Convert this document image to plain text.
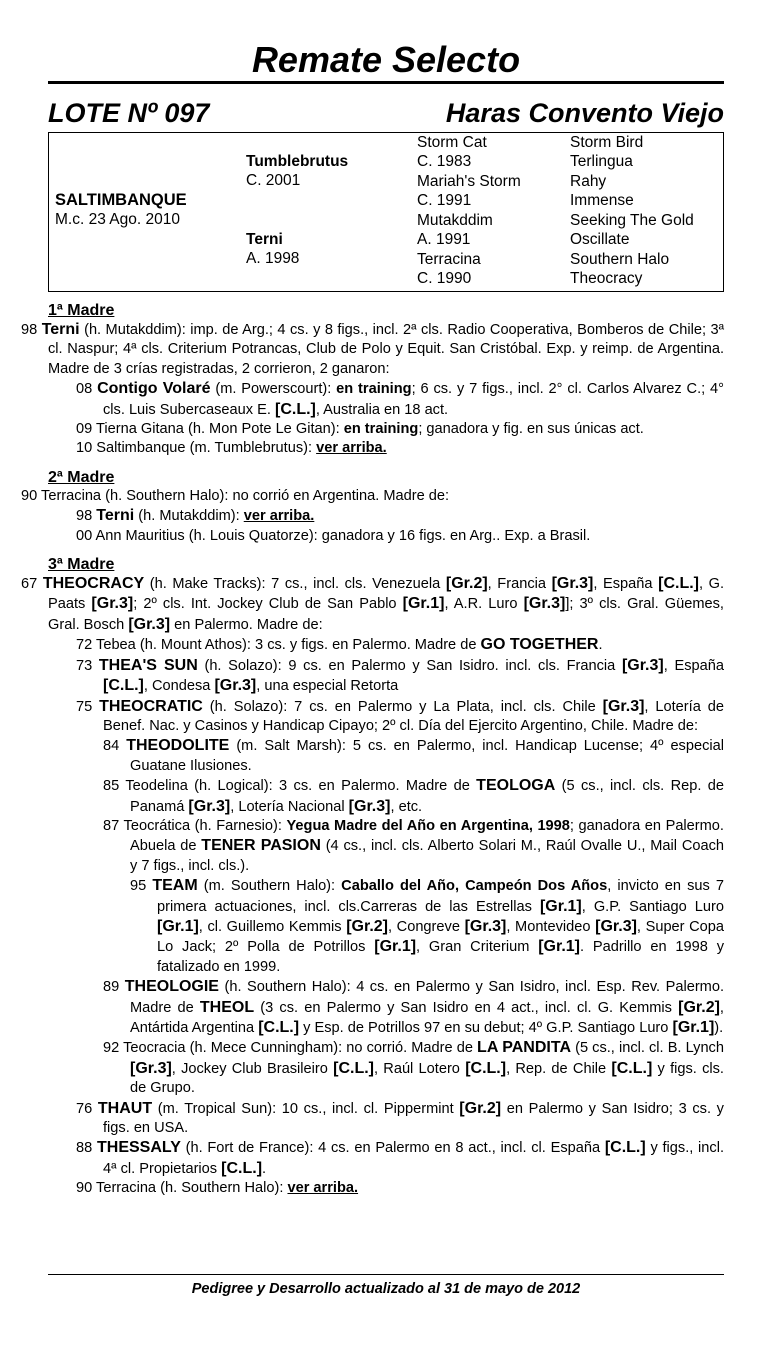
Remate Selecto
LOTE Nº 097	Haras Convento Viejo
SALTIMBANQUE
M.c. 23 Ago. 2010
Tumblebrutus
C. 2001
Terni
A. 1998
Storm Cat
C. 1983
Mariah's Storm
C. 1991
Mutakddim
A. 1991
Terracina
C. 1990
Storm Bird
Terlingua
Rahy
Immense
Seeking The Gold
Oscillate
Southern Halo
Theocracy
1ª Madre
98 Terni (h. Mutakddim): imp. de Arg.; 4 cs. y 8 figs., incl. 2ª cls. Radio Cooperativa, Bomberos de Chile; 3ª cl. Naspur; 4ª cls. Criterium Potrancas, Club de Polo y Equit. San Cristóbal. Exp. y reimp. de Argentina. Madre de 3 crías registradas, 2 corrieron, 2 ganaron:
08 Contigo Volaré (m. Powerscourt): en training; 6 cs. y 7 figs., incl. 2° cl. Carlos Alvarez C.; 4° cls. Luis Subercaseaux E. [C.L.], Australia en 18 act.
09 Tierna Gitana (h. Mon Pote Le Gitan): en training; ganadora y fig. en sus únicas act.
10 Saltimbanque (m. Tumblebrutus): ver arriba.
2ª Madre
90 Terracina (h. Southern Halo): no corrió en Argentina. Madre de:
98 Terni (h. Mutakddim): ver arriba.
00 Ann Mauritius (h. Louis Quatorze): ganadora y 16 figs. en Arg.. Exp. a Brasil.
3ª Madre
67 THEOCRACY (h. Make Tracks): 7 cs., incl. cls. Venezuela [Gr.2], Francia [Gr.3], España [C.L.], G. Paats [Gr.3]; 2º cls. Int. Jockey Club de San Pablo [Gr.1], A.R. Luro [Gr.3]]; 3º cls. Gral. Güemes, Gral. Bosch [Gr.3] en Palermo. Madre de:
72 Tebea (h. Mount Athos): 3 cs. y figs. en Palermo. Madre de GO TOGETHER.
73 THEA'S SUN (h. Solazo): 9 cs. en Palermo y San Isidro. incl. cls. Francia [Gr.3], España [C.L.], Condesa [Gr.3], una especial Retorta
75 THEOCRATIC (h. Solazo): 7 cs. en Palermo y La Plata, incl. cls. Chile [Gr.3], Lotería de Benef. Nac. y Casinos y Handicap Cipayo; 2º cl. Día del Ejercito Argentino, Chile. Madre de:
84 THEODOLITE (m. Salt Marsh): 5 cs. en Palermo, incl. Handicap Lucense; 4º especial Guatane Ilusiones.
85 Teodelina (h. Logical): 3 cs. en Palermo. Madre de TEOLOGA (5 cs., incl. cls. Rep. de Panamá [Gr.3], Lotería Nacional [Gr.3], etc.
87 Teocrática (h. Farnesio): Yegua Madre del Año en Argentina, 1998; ganadora en Palermo. Abuela de TENER PASION (4 cs., incl. cls. Alberto Solari M., Raúl Ovalle U., Mail Coach y 7 figs., incl. cls.).
95 TEAM (m. Southern Halo): Caballo del Año, Campeón Dos Años, invicto en sus 7 primera actuaciones, incl. cls.Carreras de las Estrellas [Gr.1], G.P. Santiago Luro [Gr.1], cl. Guillemo Kemmis [Gr.2], Congreve [Gr.3], Montevideo [Gr.3], Super Copa Lo Jack; 2º Polla de Potrillos [Gr.1], Gran Criterium [Gr.1]. Padrillo en 1998 y fatalizado en 1999.
89 THEOLOGIE (h. Southern Halo): 4 cs. en Palermo y San Isidro, incl. Esp. Rev. Palermo. Madre de THEOL (3 cs. en Palermo y San Isidro en 4 act., incl. cl. G. Kemmis [Gr.2], Antártida Argentina [C.L.] y Esp. de Potrillos 97 en su debut; 4º G.P. Santiago Luro [Gr.1]).
92 Teocracia (h. Mece Cunningham): no corrió. Madre de LA PANDITA (5 cs., incl. cl. B. Lynch [Gr.3], Jockey Club Brasileiro [C.L.], Raúl Lotero [C.L.], Rep. de Chile [C.L.] y figs. cls. de Grupo.
76 THAUT (m. Tropical Sun): 10 cs., incl. cl. Pippermint [Gr.2] en Palermo y San Isidro; 3 cs. y figs. en USA.
88 THESSALY (h. Fort de France): 4 cs. en Palermo en 8 act., incl. cl. España [C.L.] y figs., incl. 4ª cl. Propietarios [C.L.].
90 Terracina (h. Southern Halo): ver arriba.
Pedigree y Desarrollo actualizado al 31 de mayo de 2012
